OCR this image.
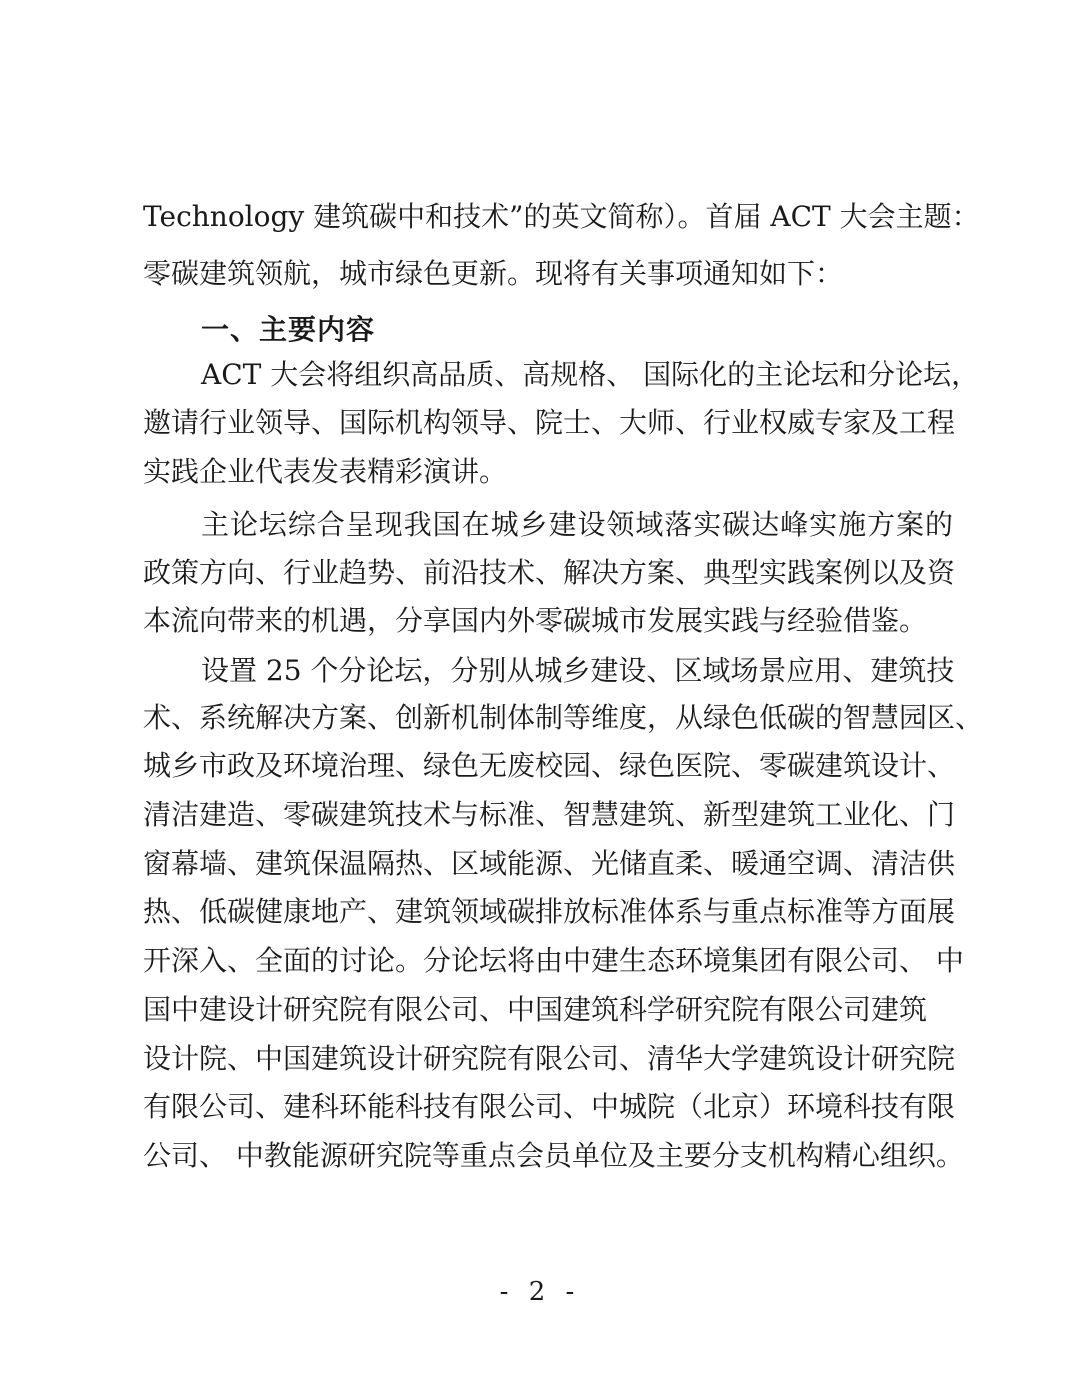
Technology 建筑碳中和技术”的英文简称）。首届 ACT 大会主题：
零碳建筑领航，城市绿色更新。现将有关事项通知如下：
一、主要内容
ACT 大会将组织高品质、高规格、 国际化的主论坛和分论坛，
邀请行业领导、国际机构领导、院士、大师、行业权威专家及工程
实践企业代表发表精彩演讲。
主论坛综合呈现我国在城乡建设领域落实碳达峰实施方案的
政策方向、行业趋势、前沿技术、解决方案、典型实践案例以及资
本流向带来的机遇，分享国内外零碳城市发展实践与经验借鉴。
设置 25 个分论坛，分别从城乡建设、区域场景应用、建筑技
术、系统解决方案、创新机制体制等维度，从绿色低碳的智慧园区、
城乡市政及环境治理、绿色无废校园、绿色医院、零碳建筑设计、
清洁建造、零碳建筑技术与标准、智慧建筑、新型建筑工业化、门
窗幕墙、建筑保温隔热、区域能源、光储直柔、暖通空调、清洁供
热、低碳健康地产、建筑领域碳排放标准体系与重点标准等方面展
开深入、全面的讨论。分论坛将由中建生态环境集团有限公司、 中
国中建设计研究院有限公司、中国建筑科学研究院有限公司建筑
设计院、中国建筑设计研究院有限公司、清华大学建筑设计研究院
有限公司、建科环能科技有限公司、中城院（北京）环境科技有限
公司、 中教能源研究院等重点会员单位及主要分支机构精心组织。
- 2 -
